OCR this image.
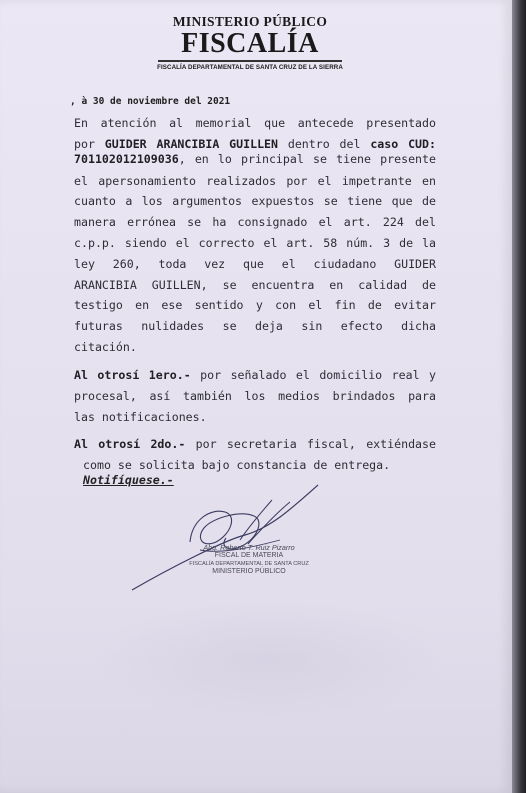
MINISTERIO PÚBLICO
FISCALÍA
FISCALÍA DEPARTAMENTAL DE SANTA CRUZ DE LA SIERRA
, à 30 de noviembre del 2021
En atención al memorial que antecede presentado
por GUIDER ARANCIBIA GUILLEN dentro del caso CUD:
701102012109036, en lo principal se tiene presente
el apersonamiento realizados por el impetrante en
cuanto a los argumentos expuestos se tiene que de
manera errónea se ha consignado el art. 224 del
c.p.p. siendo el correcto el art. 58 núm. 3 de la
ley 260, toda vez que el ciudadano GUIDER
ARANCIBIA GUILLEN, se encuentra en calidad de
testigo en ese sentido y con el fin de evitar
futuras nulidades se deja sin efecto dicha
citación.
Al otrosí 1ero.- por señalado el domicilio real y
procesal, así también los medios brindados para
las notificaciones.
Al otrosí 2do.- por secretaria fiscal, extiéndase
como se solicita bajo constancia de entrega.
Notifíquese.-
Abg. Roberto T. Ruiz Pizarro
FISCAL DE MATERIA
FISCALÍA DEPARTAMENTAL DE SANTA CRUZ
MINISTERIO PÚBLICO
